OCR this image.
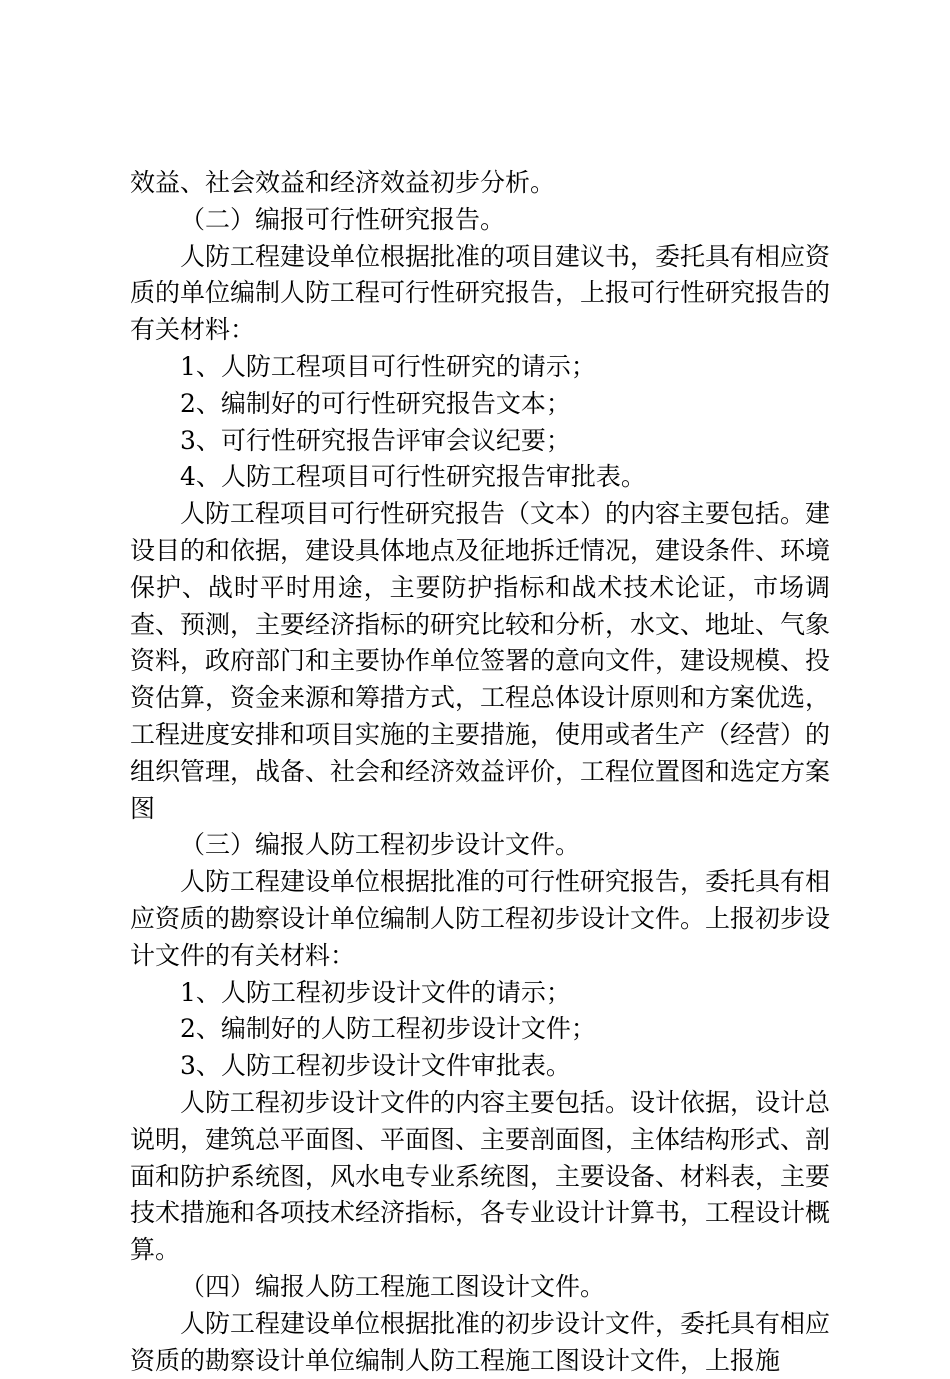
效益、社会效益和经济效益初步分析。

（二）编报可行性研究报告。

人防工程建设单位根据批准的项目建议书，委托具有相应资质的单位编制人防工程可行性研究报告，上报可行性研究报告的有关材料：

1、人防工程项目可行性研究的请示；

2、编制好的可行性研究报告文本；

3、可行性研究报告评审会议纪要；

4、人防工程项目可行性研究报告审批表。

人防工程项目可行性研究报告（文本）的内容主要包括。建设目的和依据，建设具体地点及征地拆迁情况，建设条件、环境保护、战时平时用途，主要防护指标和战术技术论证，市场调查、预测，主要经济指标的研究比较和分析，水文、地址、气象资料，政府部门和主要协作单位签署的意向文件，建设规模、投资估算，资金来源和筹措方式，工程总体设计原则和方案优选，工程进度安排和项目实施的主要措施，使用或者生产（经营）的组织管理，战备、社会和经济效益评价，工程位置图和选定方案图

（三）编报人防工程初步设计文件。

人防工程建设单位根据批准的可行性研究报告，委托具有相应资质的勘察设计单位编制人防工程初步设计文件。上报初步设计文件的有关材料：

1、人防工程初步设计文件的请示；

2、编制好的人防工程初步设计文件；

3、人防工程初步设计文件审批表。

人防工程初步设计文件的内容主要包括。设计依据，设计总说明，建筑总平面图、平面图、主要剖面图，主体结构形式、剖面和防护系统图，风水电专业系统图，主要设备、材料表，主要技术措施和各项技术经济指标，各专业设计计算书，工程设计概算。

（四）编报人防工程施工图设计文件。

人防工程建设单位根据批准的初步设计文件，委托具有相应资质的勘察设计单位编制人防工程施工图设计文件，上报施
